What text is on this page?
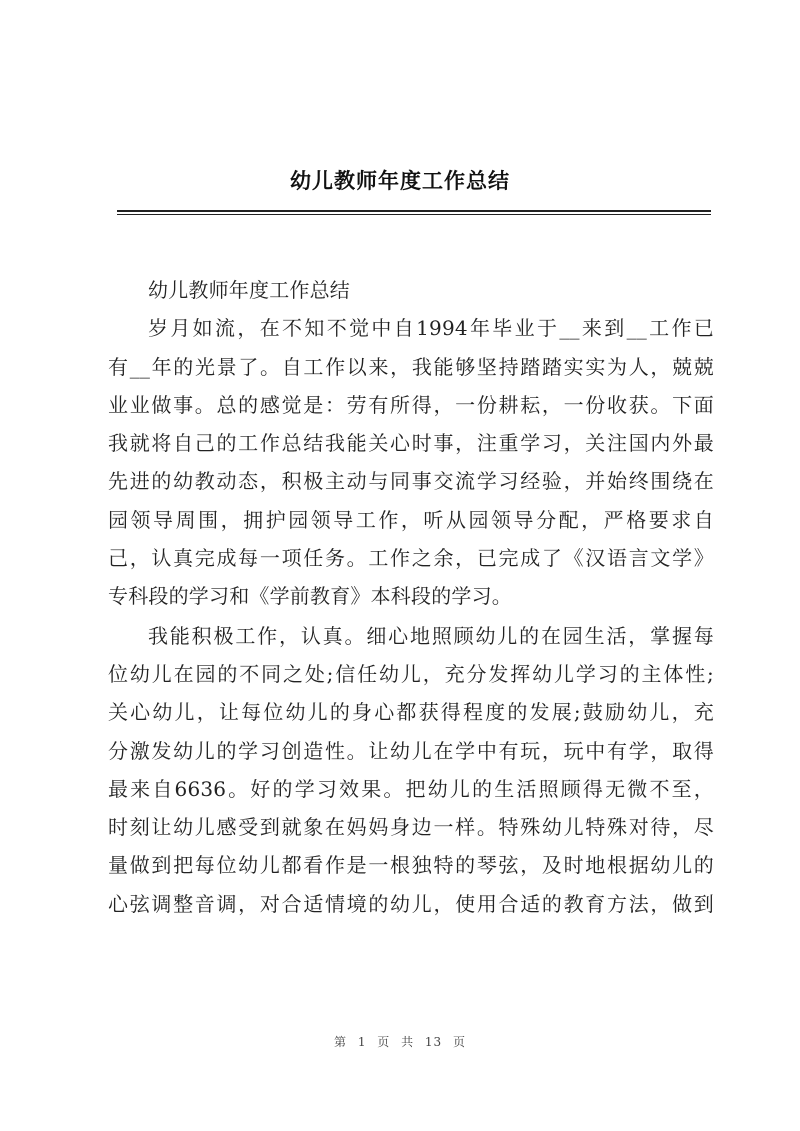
幼儿教师年度工作总结
幼儿教师年度工作总结
岁月如流，在不知不觉中自1994年毕业于__来到__工作已
有__年的光景了。自工作以来，我能够坚持踏踏实实为人，兢兢
业业做事。总的感觉是：劳有所得，一份耕耘，一份收获。下面
我就将自己的工作总结我能关心时事，注重学习，关注国内外最
先进的幼教动态，积极主动与同事交流学习经验，并始终围绕在
园领导周围，拥护园领导工作，听从园领导分配，严格要求自
己，认真完成每一项任务。工作之余，已完成了《汉语言文学》
专科段的学习和《学前教育》本科段的学习。
我能积极工作，认真。细心地照顾幼儿的在园生活，掌握每
位幼儿在园的不同之处;信任幼儿，充分发挥幼儿学习的主体性;
关心幼儿，让每位幼儿的身心都获得程度的发展;鼓励幼儿，充
分激发幼儿的学习创造性。让幼儿在学中有玩，玩中有学，取得
最来自6636。好的学习效果。把幼儿的生活照顾得无微不至，
时刻让幼儿感受到就象在妈妈身边一样。特殊幼儿特殊对待，尽
量做到把每位幼儿都看作是一根独特的琴弦，及时地根据幼儿的
心弦调整音调，对合适情境的幼儿，使用合适的教育方法，做到
第 1 页 共 13 页
